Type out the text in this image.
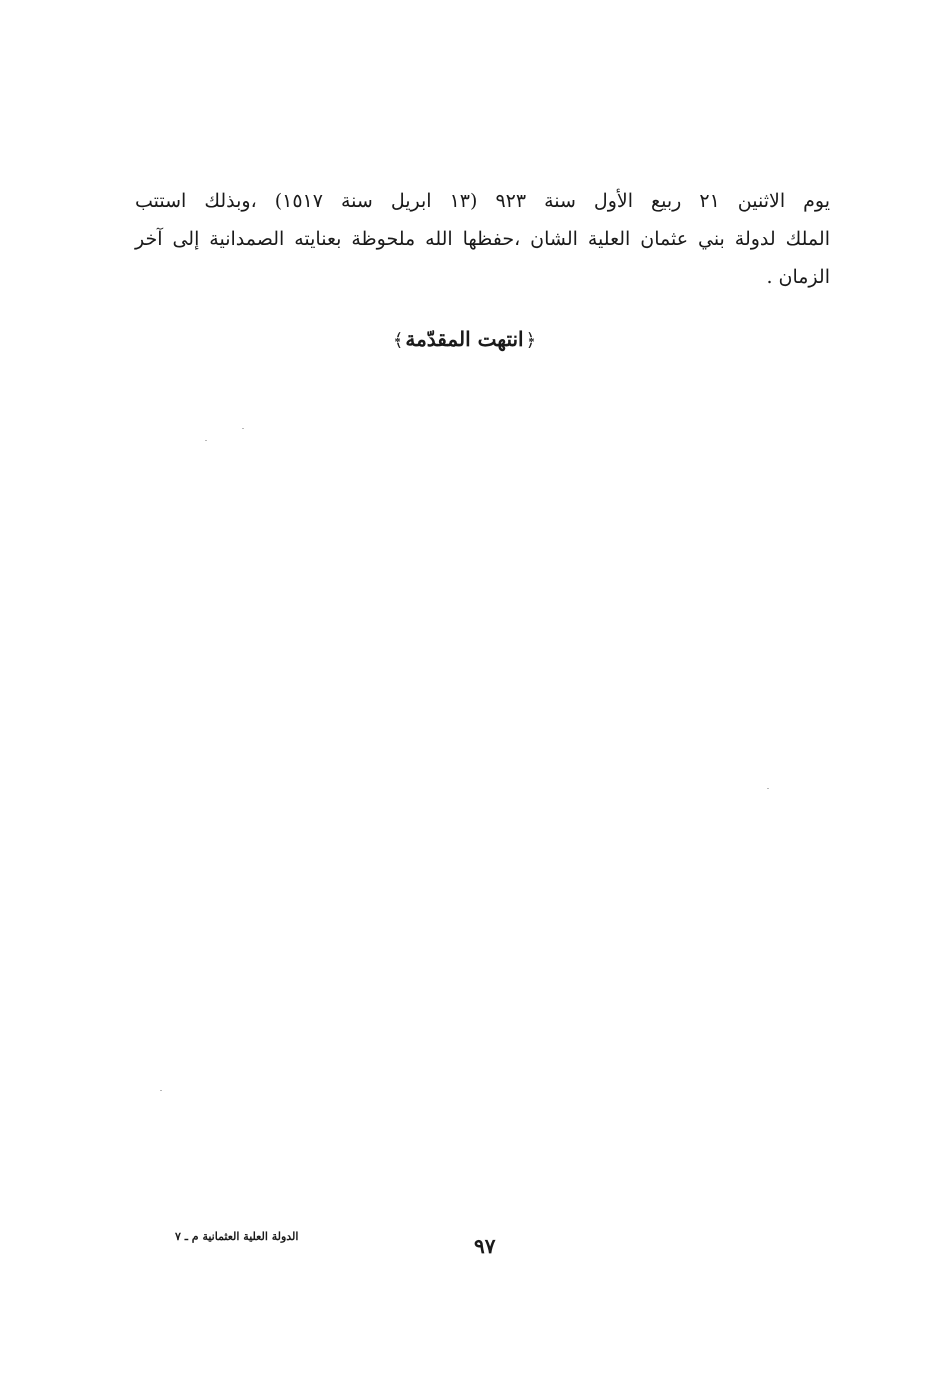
يوم الاثنين ٢١ ربيع الأول سنة ٩٢٣ (١٣ ابريل سنة ١٥١٧) ،وبذلك استتب
الملك لدولة بني عثمان العلية الشان ،حفظها الله ملحوظة بعنايته الصمدانية إلى آخر
الزمان .
﴿انتهت المقدّمة﴾
الدولة العلية العثمانية م ـ ٧	٩٧
